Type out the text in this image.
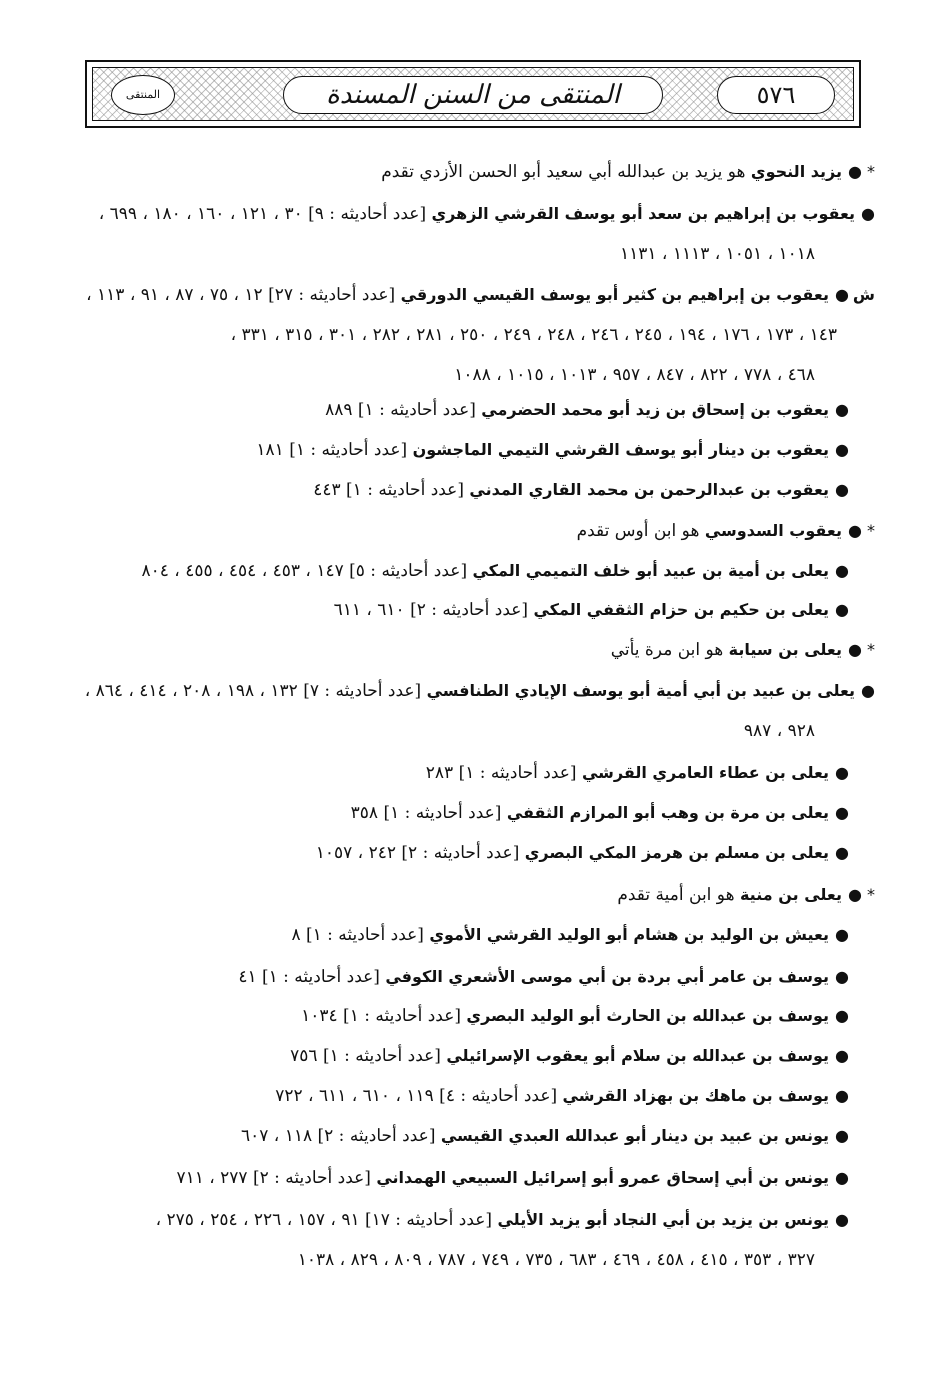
المنتقى	المنتقى من السنن المسندة	٥٧٦
* ●يزيد النحوي هو يزيد بن عبدالله أبي سعيد أبو الحسن الأزدي تقدم
●يعقوب بن إبراهيم بن سعد أبو يوسف القرشي الزهري [عدد أحاديثه : ٩] ٣٠ ، ١٢١ ، ١٦٠ ، ١٨٠ ، ٦٩٩ ،
١٠١٨ ، ١٠٥١ ، ١١١٣ ، ١١٣١
ش●يعقوب بن إبراهيم بن كثير أبو يوسف القيسي الدورقي [عدد أحاديثه : ٢٧] ١٢ ، ٧٥ ، ٨٧ ، ٩١ ، ١١٣ ،
١٤٣ ، ١٧٣ ، ١٧٦ ، ١٩٤ ، ٢٤٥ ، ٢٤٦ ، ٢٤٨ ، ٢٤٩ ، ٢٥٠ ، ٢٨١ ، ٢٨٢ ، ٣٠١ ، ٣١٥ ، ٣٣١ ،
٤٦٨ ، ٧٧٨ ، ٨٢٢ ، ٨٤٧ ، ٩٥٧ ، ١٠١٣ ، ١٠١٥ ، ١٠٨٨
●يعقوب بن إسحاق بن زيد أبو محمد الحضرمي [عدد أحاديثه : ١] ٨٨٩
●يعقوب بن دينار أبو يوسف القرشي التيمي الماجشون [عدد أحاديثه : ١] ١٨١
●يعقوب بن عبدالرحمن بن محمد القاري المدني [عدد أحاديثه : ١] ٤٤٣
* ●يعقوب السدوسي هو ابن أوس تقدم
●يعلى بن أمية بن عبيد أبو خلف التميمي المكي [عدد أحاديثه : ٥] ١٤٧ ، ٤٥٣ ، ٤٥٤ ، ٤٥٥ ، ٨٠٤
●يعلى بن حكيم بن حزام الثقفي المكي [عدد أحاديثه : ٢] ٦١٠ ، ٦١١
* ●يعلى بن سيابة هو ابن مرة يأتي
●يعلى بن عبيد بن أبي أمية أبو يوسف الإيادي الطنافسي [عدد أحاديثه : ٧] ١٣٢ ، ١٩٨ ، ٢٠٨ ، ٤١٤ ، ٨٦٤ ،
٩٢٨ ، ٩٨٧
●يعلى بن عطاء العامري القرشي [عدد أحاديثه : ١] ٢٨٣
●يعلى بن مرة بن وهب أبو المرازم الثقفي [عدد أحاديثه : ١] ٣٥٨
●يعلى بن مسلم بن هرمز المكي البصري [عدد أحاديثه : ٢] ٢٤٢ ، ١٠٥٧
* ●يعلى بن منية هو ابن أمية تقدم
●يعيش بن الوليد بن هشام أبو الوليد القرشي الأموي [عدد أحاديثه : ١] ٨
●يوسف بن عامر أبي بردة بن أبي موسى الأشعري الكوفي [عدد أحاديثه : ١] ٤١
●يوسف بن عبدالله بن الحارث أبو الوليد البصري [عدد أحاديثه : ١] ١٠٣٤
●يوسف بن عبدالله بن سلام أبو يعقوب الإسرائيلي [عدد أحاديثه : ١] ٧٥٦
●يوسف بن ماهك بن بهزاد القرشي [عدد أحاديثه : ٤] ١١٩ ، ٦١٠ ، ٦١١ ، ٧٢٢
●يونس بن عبيد بن دينار أبو عبدالله العبدي القيسي [عدد أحاديثه : ٢] ١١٨ ، ٦٠٧
●يونس بن أبي إسحاق عمرو أبو إسرائيل السبيعي الهمداني [عدد أحاديثه : ٢] ٢٧٧ ، ٧١١
●يونس بن يزيد بن أبي النجاد أبو يزيد الأيلي [عدد أحاديثه : ١٧] ٩١ ، ١٥٧ ، ٢٢٦ ، ٢٥٤ ، ٢٧٥ ،
٣٢٧ ، ٣٥٣ ، ٤١٥ ، ٤٥٨ ، ٤٦٩ ، ٦٨٣ ، ٧٣٥ ، ٧٤٩ ، ٧٨٧ ، ٨٠٩ ، ٨٢٩ ، ١٠٣٨
